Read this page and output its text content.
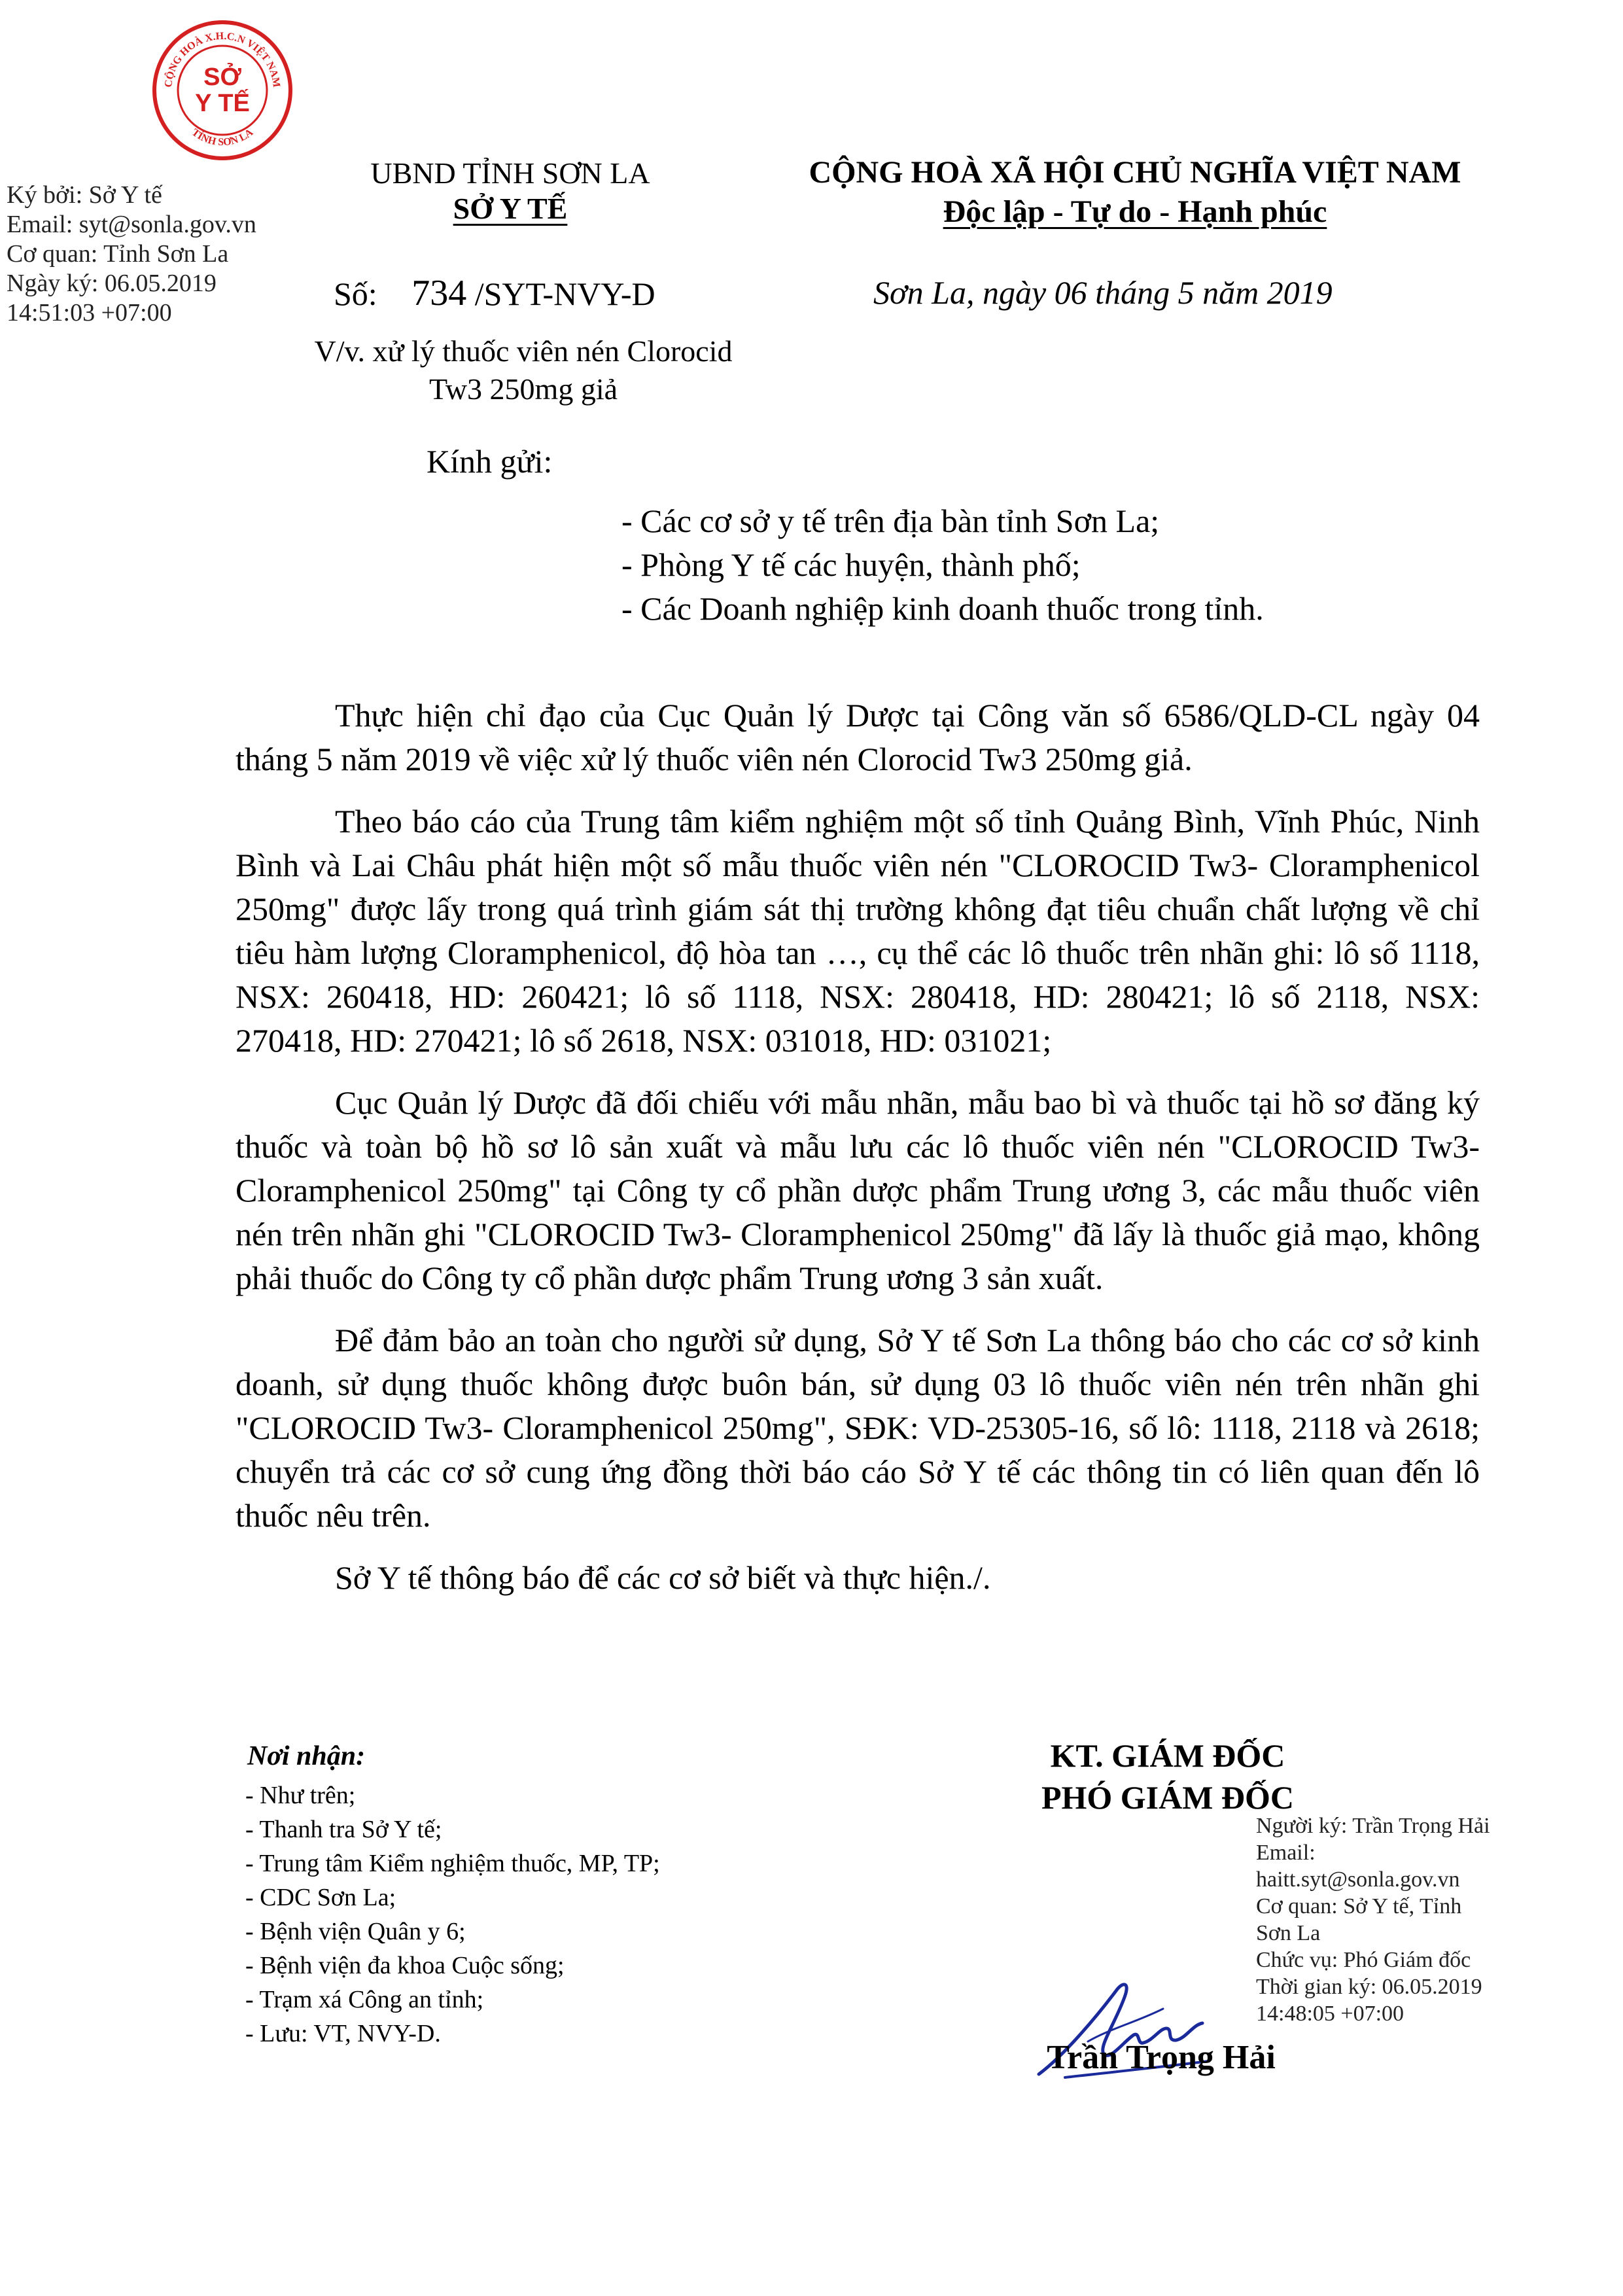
CỘNG HOÀ X.H.C.N VIỆT NAM
TỈNH SƠN LA
SỞ
Y TẾ
Ký bởi: Sở Y tế
Email: syt@sonla.gov.vn
Cơ quan: Tỉnh Sơn La
Ngày ký: 06.05.2019
14:51:03 +07:00
UBND TỈNH SƠN LA
SỞ Y TẾ
CỘNG HOÀ XÃ HỘI CHỦ NGHĨA VIỆT NAM
Độc lập - Tự do - Hạnh phúc
Số: 734 /SYT-NVY-D	Sơn La, ngày 06 tháng 5 năm 2019
V/v. xử lý thuốc viên nén Clorocid
Tw3 250mg giả
Kính gửi:
- Các cơ sở y tế trên địa bàn tỉnh Sơn La;
- Phòng Y tế các huyện, thành phố;
- Các Doanh nghiệp kinh doanh thuốc trong tỉnh.

Thực hiện chỉ đạo của Cục Quản lý Dược tại Công văn số 6586/QLD-CL ngày 04 tháng 5 năm 2019 về việc xử lý thuốc viên nén Clorocid Tw3 250mg giả.

Theo báo cáo của Trung tâm kiểm nghiệm một số tỉnh Quảng Bình, Vĩnh Phúc, Ninh Bình và Lai Châu phát hiện một số mẫu thuốc viên nén "CLOROCID Tw3- Cloramphenicol 250mg" được lấy trong quá trình giám sát thị trường không đạt tiêu chuẩn chất lượng về chỉ tiêu hàm lượng Cloramphenicol, độ hòa tan …, cụ thể các lô thuốc trên nhãn ghi: lô số 1118, NSX: 260418, HD: 260421; lô số 1118, NSX: 280418, HD: 280421; lô số 2118, NSX: 270418, HD: 270421; lô số 2618, NSX: 031018, HD: 031021;

Cục Quản lý Dược đã đối chiếu với mẫu nhãn, mẫu bao bì và thuốc tại hồ sơ đăng ký thuốc và toàn bộ hồ sơ lô sản xuất và mẫu lưu các lô thuốc viên nén "CLOROCID Tw3- Cloramphenicol 250mg" tại Công ty cổ phần dược phẩm Trung ương 3, các mẫu thuốc viên nén trên nhãn ghi "CLOROCID Tw3- Cloramphenicol 250mg" đã lấy là thuốc giả mạo, không phải thuốc do Công ty cổ phần dược phẩm Trung ương 3 sản xuất.

Để đảm bảo an toàn cho người sử dụng, Sở Y tế Sơn La thông báo cho các cơ sở kinh doanh, sử dụng thuốc không được buôn bán, sử dụng 03 lô thuốc viên nén trên nhãn ghi "CLOROCID Tw3- Cloramphenicol 250mg", SĐK: VD-25305-16, số lô: 1118, 2118 và 2618; chuyển trả các cơ sở cung ứng đồng thời báo cáo Sở Y tế các thông tin có liên quan đến lô thuốc nêu trên.

Sở Y tế thông báo để các cơ sở biết và thực hiện./.

Nơi nhận:
- Như trên;
- Thanh tra Sở Y tế;
- Trung tâm Kiểm nghiệm thuốc, MP, TP;
- CDC Sơn La;
- Bệnh viện Quân y 6;
- Bệnh viện đa khoa Cuộc sống;
- Trạm xá Công an tỉnh;
- Lưu: VT, NVY-D.
KT. GIÁM ĐỐC
PHÓ GIÁM ĐỐC
Người ký: Trần Trọng Hải
Email:
haitt.syt@sonla.gov.vn
Cơ quan: Sở Y tế, Tỉnh
Sơn La
Chức vụ: Phó Giám đốc
Thời gian ký: 06.05.2019
14:48:05 +07:00
Trần Trọng Hải
